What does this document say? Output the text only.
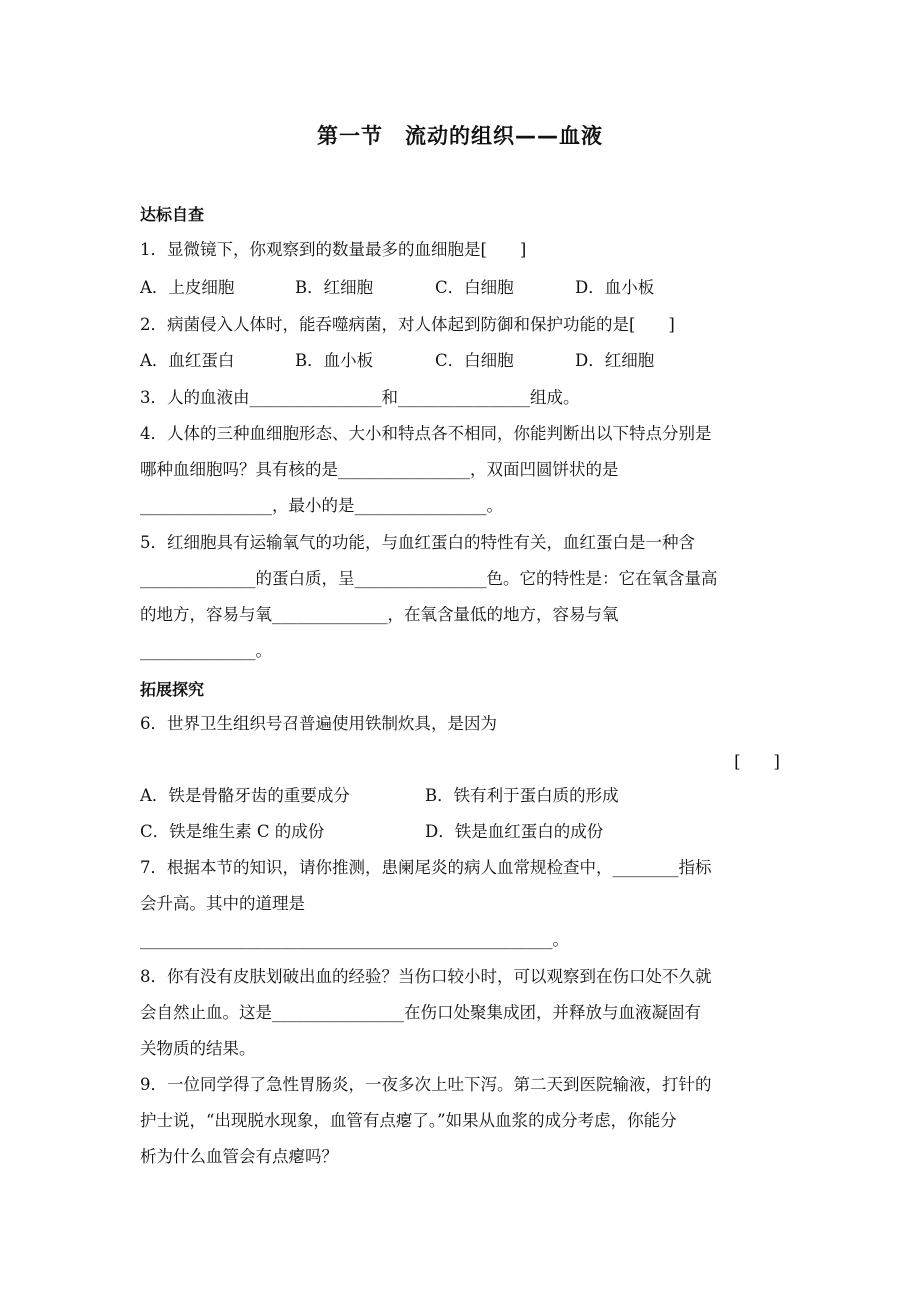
第一节　流动的组织——血液
达标自查
1．显微镜下，你观察到的数量最多的血细胞是[　　]
A．上皮细胞	B．红细胞	C．白细胞	D．血小板
2．病菌侵入人体时，能吞噬病菌，对人体起到防御和保护功能的是[　　]
A．血红蛋白	B．血小板	C．白细胞	D．红细胞
3．人的血液由________________和________________组成。
4．人体的三种血细胞形态、大小和特点各不相同，你能判断出以下特点分别是
哪种血细胞吗？具有核的是________________，双面凹圆饼状的是
________________，最小的是________________。
5．红细胞具有运输氧气的功能，与血红蛋白的特性有关，血红蛋白是一种含
______________的蛋白质，呈________________色。它的特性是：它在氧含量高
的地方，容易与氧______________，在氧含量低的地方，容易与氧
______________。
拓展探究
6．世界卫生组织号召普遍使用铁制炊具，是因为
[　　]
A．铁是骨骼牙齿的重要成分	B．铁有利于蛋白质的形成
C．铁是维生素 C 的成份	D．铁是血红蛋白的成份
7．根据本节的知识，请你推测，患阑尾炎的病人血常规检查中，________指标
会升高。其中的道理是
__________________________________________________。
8．你有没有皮肤划破出血的经验？当伤口较小时，可以观察到在伤口处不久就
会自然止血。这是________________在伤口处聚集成团，并释放与血液凝固有
关物质的结果。
9．一位同学得了急性胃肠炎，一夜多次上吐下泻。第二天到医院输液，打针的
护士说，“出现脱水现象，血管有点瘪了。”如果从血浆的成分考虑，你能分
析为什么血管会有点瘪吗？
